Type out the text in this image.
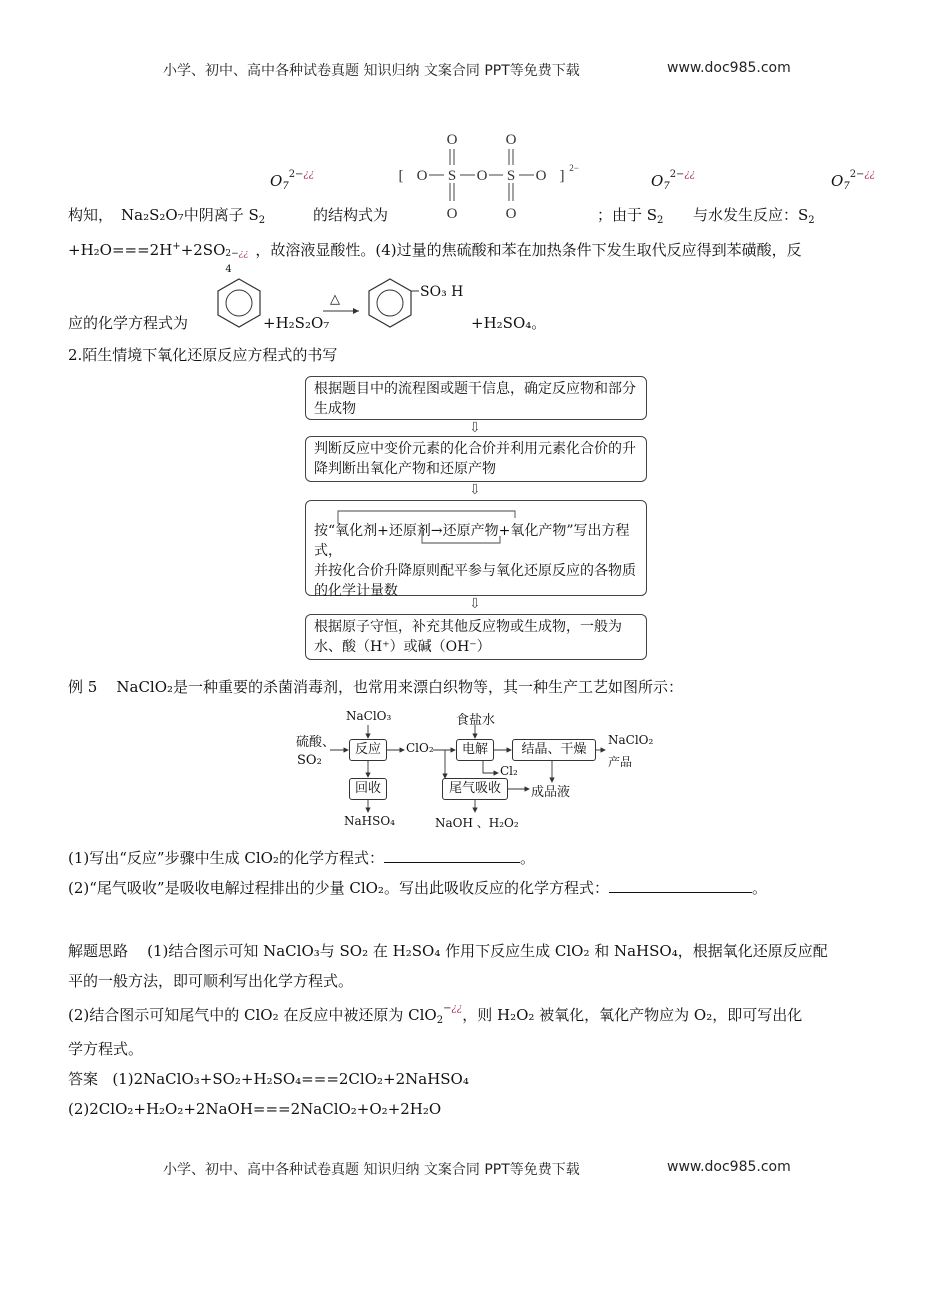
小学、初中、高中各种试卷真题 知识归纳 文案合同 PPT等免费下载	www.doc985.com
[ O S O S O
O	O
O	O
] 2−
$O_7^{2-¿¿}$	$O_7^{2-¿¿}$	$O_7^{2-¿¿}$
构知， Na₂S₂O₇中阴离子 $S_2$	的结构式为	；由于 $S_2$ 与水发生反应：$S_2$
+H₂O===2H++2SO 2−¿¿
4
，故溶液显酸性。(4)过量的焦硫酸和苯在加热条件下发生取代反应得到苯磺酸，反
应的化学方程式为	+H₂S₂O₇
△	SO₃ H
+H₂SO₄。
2.陌生情境下氧化还原反应方程式的书写
根据题目中的流程图或题干信息，确定反应物和部分生成物
⇩
判断反应中变价元素的化合价并利用元素化合价的升降判断出氧化产物和还原产物
⇩
按“氧化剂+还原剂→还原产物+氧化产物”写出方程式，
并按化合价升降原则配平参与氧化还原反应的各物质的化学计量数
⇩
根据原子守恒，补充其他反应物或生成物，一般为水、酸（H⁺）或碱（OH⁻）
例 5 NaClO₂是一种重要的杀菌消毒剂，也常用来漂白织物等，其一种生产工艺如图所示：
NaClO₃
硫酸、
SO₂
反应	ClO₂	电解
食盐水
结晶、干燥
NaClO₂
产品
Cl₂
回收
NaHSO₄
尾气吸收	成品液
NaOH 、H₂O₂
(1)写出“反应”步骤中生成 ClO₂的化学方程式：	。
(2)“尾气吸收”是吸收电解过程排出的少量 ClO₂。写出此吸收反应的化学方程式：	。
解题思路 (1)结合图示可知 NaClO₃与 SO₂ 在 H₂SO₄ 作用下反应生成 ClO₂ 和 NaHSO₄，根据氧化还原反应配
平的一般方法，即可顺利写出化学方程式。
(2)结合图示可知尾气中的 ClO₂ 在反应中被还原为 ClO$_2$−¿¿，则 H₂O₂ 被氧化，氧化产物应为 O₂，即可写出化
学方程式。
答案 (1)2NaClO₃+SO₂+H₂SO₄===2ClO₂+2NaHSO₄
(2)2ClO₂+H₂O₂+2NaOH===2NaClO₂+O₂+2H₂O
小学、初中、高中各种试卷真题 知识归纳 文案合同 PPT等免费下载	www.doc985.com
